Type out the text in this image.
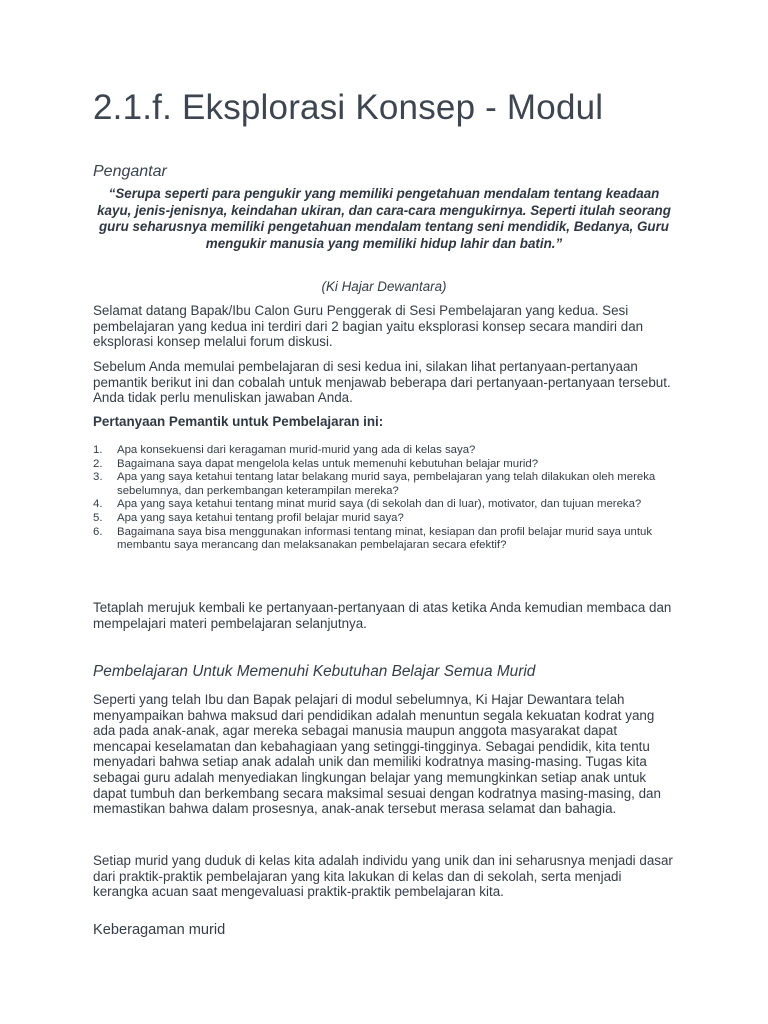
2.1.f. Eksplorasi Konsep - Modul
Pengantar
“Serupa seperti para pengukir yang memiliki pengetahuan mendalam tentang keadaan kayu, jenis-jenisnya, keindahan ukiran, dan cara-cara mengukirnya. Seperti itulah seorang guru seharusnya memiliki pengetahuan mendalam tentang seni mendidik, Bedanya, Guru mengukir manusia yang memiliki hidup lahir dan batin.”
(Ki Hajar Dewantara)
Selamat datang Bapak/Ibu Calon Guru Penggerak di Sesi Pembelajaran yang kedua. Sesi pembelajaran yang kedua ini terdiri dari 2 bagian yaitu eksplorasi konsep secara mandiri dan eksplorasi konsep melalui forum diskusi.
Sebelum Anda memulai pembelajaran di sesi kedua ini, silakan lihat pertanyaan-pertanyaan pemantik berikut ini dan cobalah untuk menjawab beberapa dari pertanyaan-pertanyaan tersebut. Anda tidak perlu menuliskan jawaban Anda.
Pertanyaan Pemantik untuk Pembelajaran ini:
1. Apa konsekuensi dari keragaman murid-murid yang ada di kelas saya?
2. Bagaimana saya dapat mengelola kelas untuk memenuhi kebutuhan belajar murid?
3. Apa yang saya ketahui tentang latar belakang murid saya, pembelajaran yang telah dilakukan oleh mereka sebelumnya, dan perkembangan keterampilan mereka?
4. Apa yang saya ketahui tentang minat murid saya (di sekolah dan di luar), motivator, dan tujuan mereka?
5. Apa yang saya ketahui tentang profil belajar murid saya?
6. Bagaimana saya bisa menggunakan informasi tentang minat, kesiapan dan profil belajar murid saya untuk membantu saya merancang dan melaksanakan pembelajaran secara efektif?
Tetaplah merujuk kembali ke pertanyaan-pertanyaan di atas ketika Anda kemudian membaca dan mempelajari materi pembelajaran selanjutnya.
Pembelajaran Untuk Memenuhi Kebutuhan Belajar Semua Murid
Seperti yang telah Ibu dan Bapak pelajari di modul sebelumnya, Ki Hajar Dewantara telah menyampaikan bahwa maksud dari pendidikan adalah menuntun segala kekuatan kodrat yang ada pada anak-anak, agar mereka sebagai manusia maupun anggota masyarakat dapat mencapai keselamatan dan kebahagiaan yang setinggi-tingginya. Sebagai pendidik, kita tentu menyadari bahwa setiap anak adalah unik dan memiliki kodratnya masing-masing. Tugas kita sebagai guru adalah menyediakan lingkungan belajar yang memungkinkan setiap anak untuk dapat tumbuh dan berkembang secara maksimal sesuai dengan kodratnya masing-masing, dan memastikan bahwa dalam prosesnya, anak-anak tersebut merasa selamat dan bahagia.
Setiap murid yang duduk di kelas kita adalah individu yang unik dan ini seharusnya menjadi dasar dari praktik-praktik pembelajaran yang kita lakukan di kelas dan di sekolah, serta menjadi kerangka acuan saat mengevaluasi praktik-praktik pembelajaran kita.
Keberagaman murid
